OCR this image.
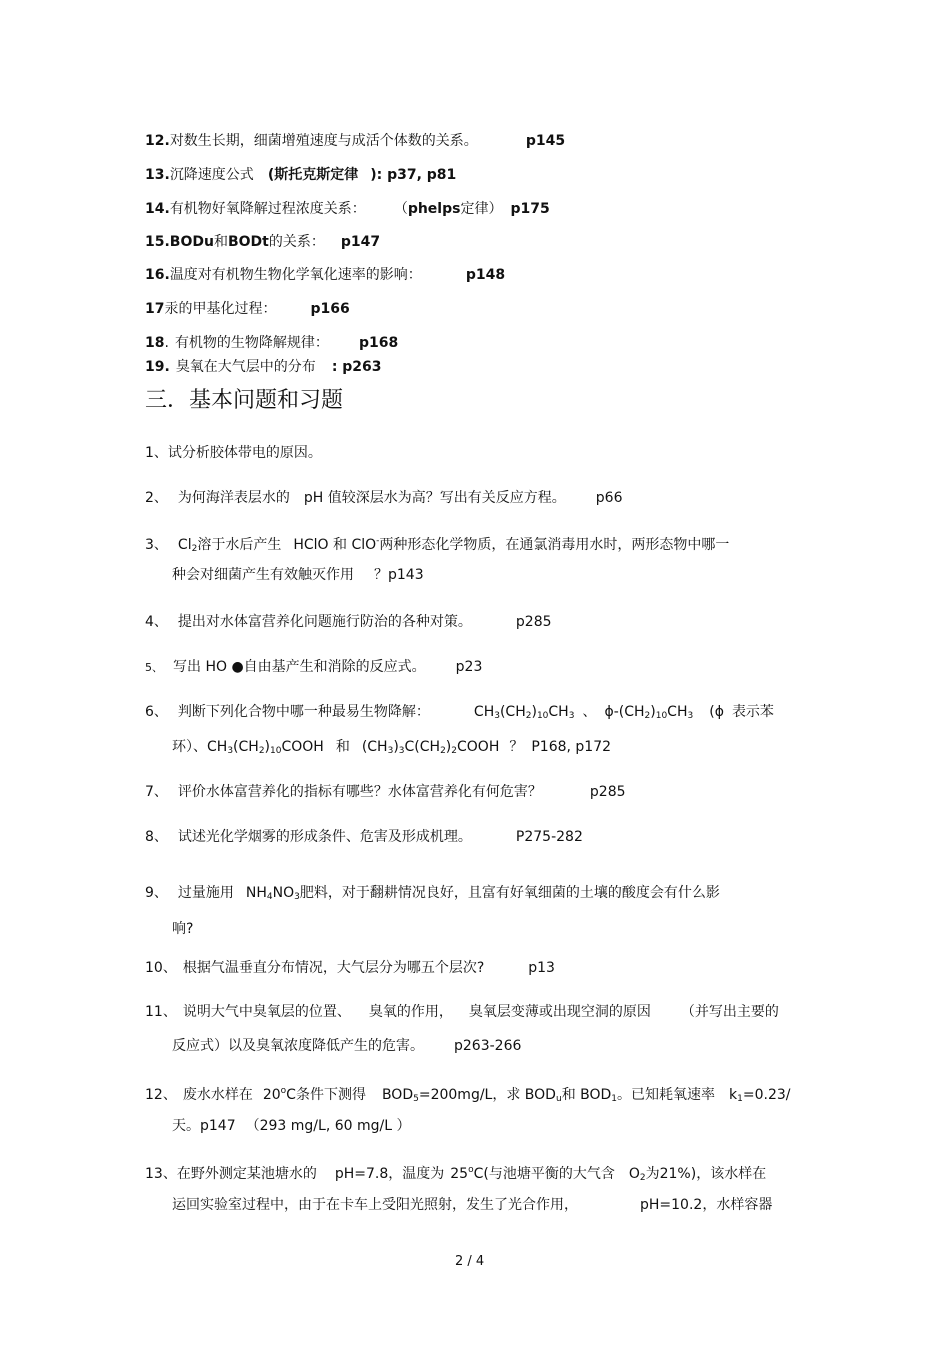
12.对数生长期，细菌增殖速度与成活个体数的关系。	p145
13.沉降速度公式 (斯托克斯定律 ): p37, p81
14.有机物好氧降解过程浓度关系： （phelps定律） p175
15.BODu和BODt的关系： p147
16.温度对有机物生物化学氧化速率的影响：	p148
17汞的甲基化过程： p166
18. 有机物的生物降解规律： p168
19. 臭氧在大气层中的分布 : p263
三．基本问题和习题
1、试分析胶体带电的原因。
2、 为何海洋表层水的 pH 值较深层水为高？写出有关反应方程。 p66
3、 $Cl_2$溶于水后产生 HClO 和 ClO-两种形态化学物质，在通氯消毒用水时，两形态物中哪一
种会对细菌产生有效触灭作用 ？p143
4、 提出对水体富营养化问题施行防治的各种对策。	p285
5、 写出 HO ●自由基产生和消除的反应式。 p23
6、 判断下列化合物中哪一种最易生物降解：	$CH_3(CH_2)_{10}CH_3$ 、 $\phi-(CH_2)_{10}CH_3$ (ϕ 表示苯
环）、$CH_3(CH_2)_{10}COOH$ 和 $(CH_3)_3C(CH_2)_2COOH$ ？ P168, p172
7、 评价水体富营养化的指标有哪些？水体富营养化有何危害？	p285
8、 试述光化学烟雾的形成条件、危害及形成机理。	P275-282
9、 过量施用 $NH_4NO_3$肥料，对于翻耕情况良好，且富有好氧细菌的土壤的酸度会有什么影
响?
10、 根据气温垂直分布情况，大气层分为哪五个层次?	p13
11、 说明大气中臭氧层的位置、 臭氧的作用， 臭氧层变薄或出现空洞的原因 （并写出主要的
反应式）以及臭氧浓度降低产生的危害。 p263-266
12、 废水水样在 20$^o$C条件下测得 $BOD_5=200mg/L$，求 $BOD_u$和 $BOD_1$。已知耗氧速率 $k_1=0.23/$
天。p147 （293 mg/L, 60 mg/L ）
13、在野外测定某池塘水的 pH=7.8，温度为 25$^o$C(与池塘平衡的大气含 $O_2$为21%)，该水样在
运回实验室过程中，由于在卡车上受阳光照射，发生了光合作用，	pH=10.2，水样容器
2 / 4
